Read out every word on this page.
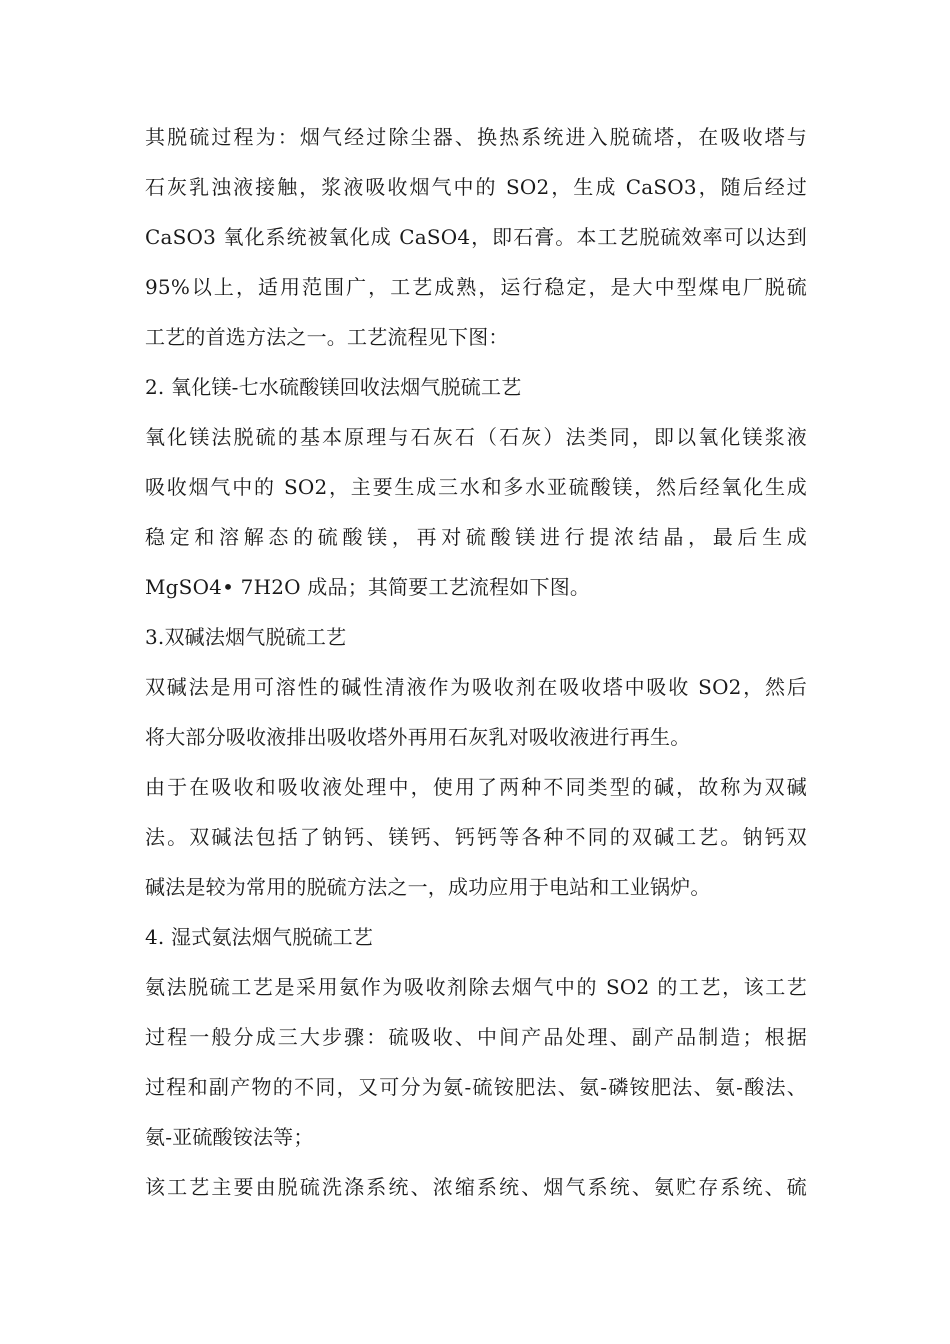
其脱硫过程为：烟气经过除尘器、换热系统进入脱硫塔，在吸收塔与
石灰乳浊液接触，浆液吸收烟气中的 SO2，生成 CaSO3，随后经过
CaSO3 氧化系统被氧化成 CaSO4，即石膏。本工艺脱硫效率可以达到
95%以上，适用范围广，工艺成熟，运行稳定，是大中型煤电厂脱硫
工艺的首选方法之一。工艺流程见下图：
2. 氧化镁-七水硫酸镁回收法烟气脱硫工艺
氧化镁法脱硫的基本原理与石灰石（石灰）法类同，即以氧化镁浆液
吸收烟气中的 SO2，主要生成三水和多水亚硫酸镁，然后经氧化生成
稳定和溶解态的硫酸镁，再对硫酸镁进行提浓结晶，最后生成
MgSO4• 7H2O 成品；其简要工艺流程如下图。
3.双碱法烟气脱硫工艺
双碱法是用可溶性的碱性清液作为吸收剂在吸收塔中吸收 SO2，然后
将大部分吸收液排出吸收塔外再用石灰乳对吸收液进行再生。
由于在吸收和吸收液处理中，使用了两种不同类型的碱，故称为双碱
法。双碱法包括了钠钙、镁钙、钙钙等各种不同的双碱工艺。钠钙双
碱法是较为常用的脱硫方法之一，成功应用于电站和工业锅炉。
4. 湿式氨法烟气脱硫工艺
氨法脱硫工艺是采用氨作为吸收剂除去烟气中的 SO2 的工艺，该工艺
过程一般分成三大步骤：硫吸收、中间产品处理、副产品制造；根据
过程和副产物的不同，又可分为氨-硫铵肥法、氨-磷铵肥法、氨-酸法、
氨-亚硫酸铵法等；
该工艺主要由脱硫洗涤系统、浓缩系统、烟气系统、氨贮存系统、硫
